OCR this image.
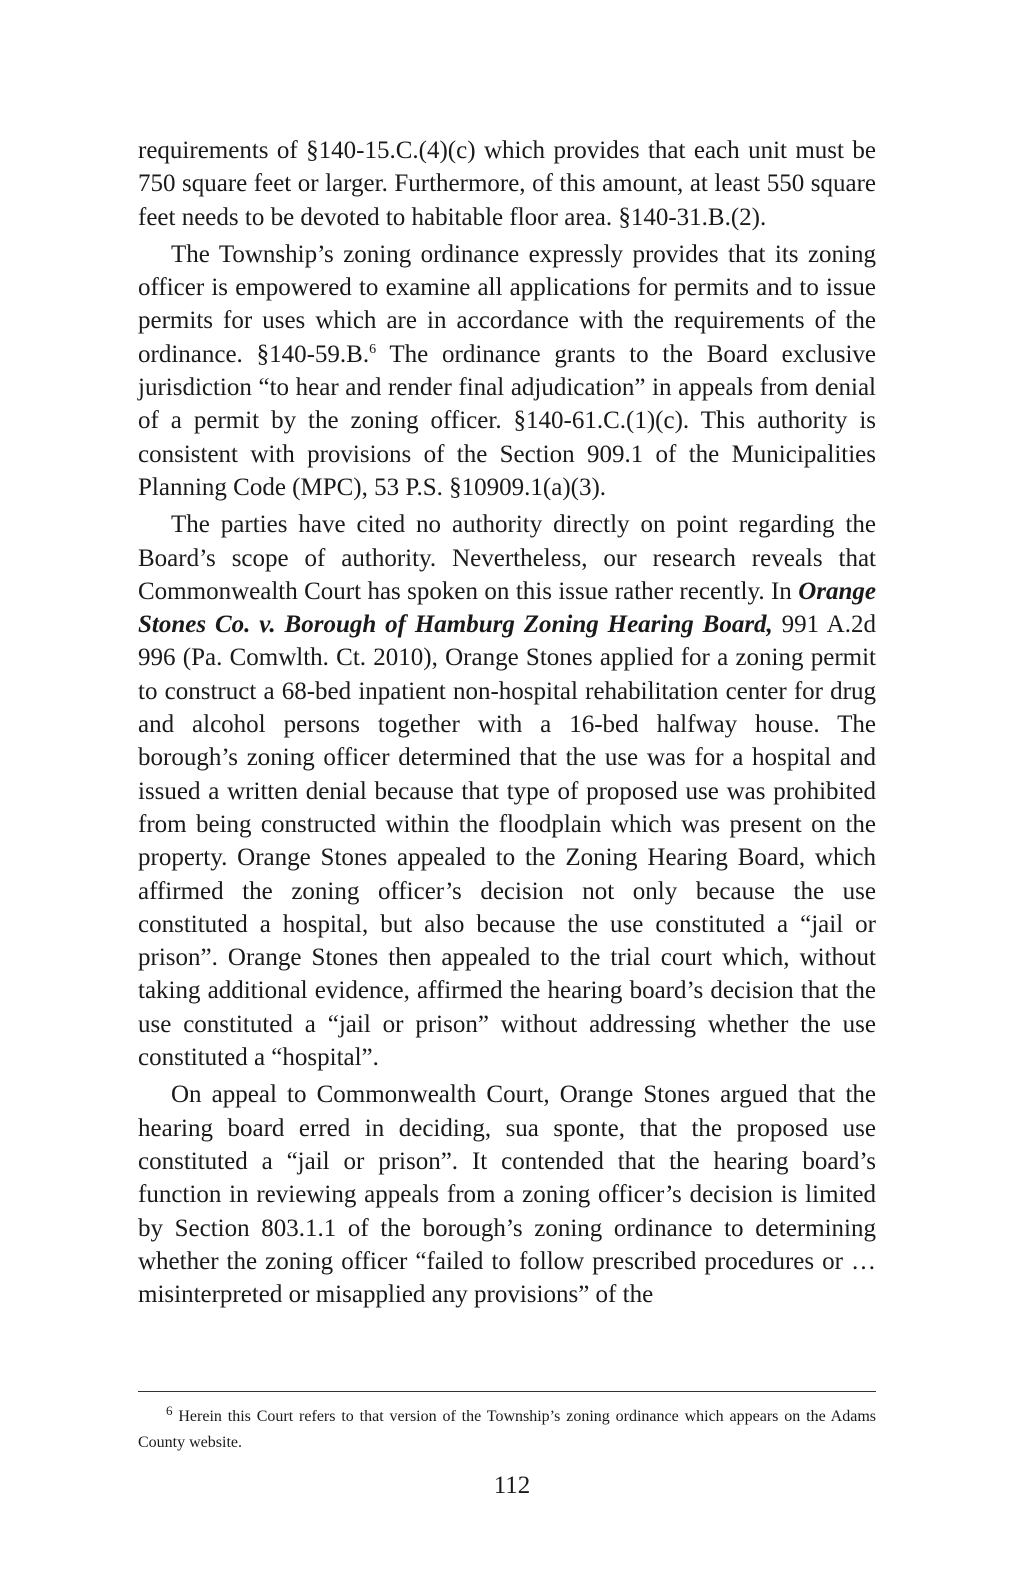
requirements of §140-15.C.(4)(c) which provides that each unit must be 750 square feet or larger. Furthermore, of this amount, at least 550 square feet needs to be devoted to habitable floor area. §140-31.B.(2).

The Township’s zoning ordinance expressly provides that its zoning officer is empowered to examine all applications for permits and to issue permits for uses which are in accordance with the requirements of the ordinance. §140-59.B.$^6$ The ordinance grants to the Board exclusive jurisdiction “to hear and render final adjudication” in appeals from denial of a permit by the zoning officer. §140-61.C.(1)(c). This authority is consistent with provisions of the Section 909.1 of the Municipalities Planning Code (MPC), 53 P.S. §10909.1(a)(3).

The parties have cited no authority directly on point regarding the Board’s scope of authority. Nevertheless, our research reveals that Commonwealth Court has spoken on this issue rather recently. In Orange Stones Co. v. Borough of Hamburg Zoning Hearing Board, 991 A.2d 996 (Pa. Comwlth. Ct. 2010), Orange Stones applied for a zoning permit to construct a 68-bed inpatient non-hospital rehabilitation center for drug and alcohol persons together with a 16-bed halfway house. The borough’s zoning officer determined that the use was for a hospital and issued a written denial because that type of proposed use was prohibited from being constructed within the floodplain which was present on the property. Orange Stones appealed to the Zoning Hearing Board, which affirmed the zoning officer’s decision not only because the use constituted a hospital, but also because the use constituted a “jail or prison”. Orange Stones then appealed to the trial court which, without taking additional evidence, affirmed the hearing board’s decision that the use constituted a “jail or prison” without addressing whether the use constituted a “hospital”.

On appeal to Commonwealth Court, Orange Stones argued that the hearing board erred in deciding, sua sponte, that the proposed use constituted a “jail or prison”. It contended that the hearing board’s function in reviewing appeals from a zoning officer’s decision is limited by Section 803.1.1 of the borough’s zoning ordinance to determining whether the zoning officer “failed to follow prescribed procedures or … misinterpreted or misapplied any provisions” of the

$^6$ Herein this Court refers to that version of the Township’s zoning ordinance which appears on the Adams County website.

112
